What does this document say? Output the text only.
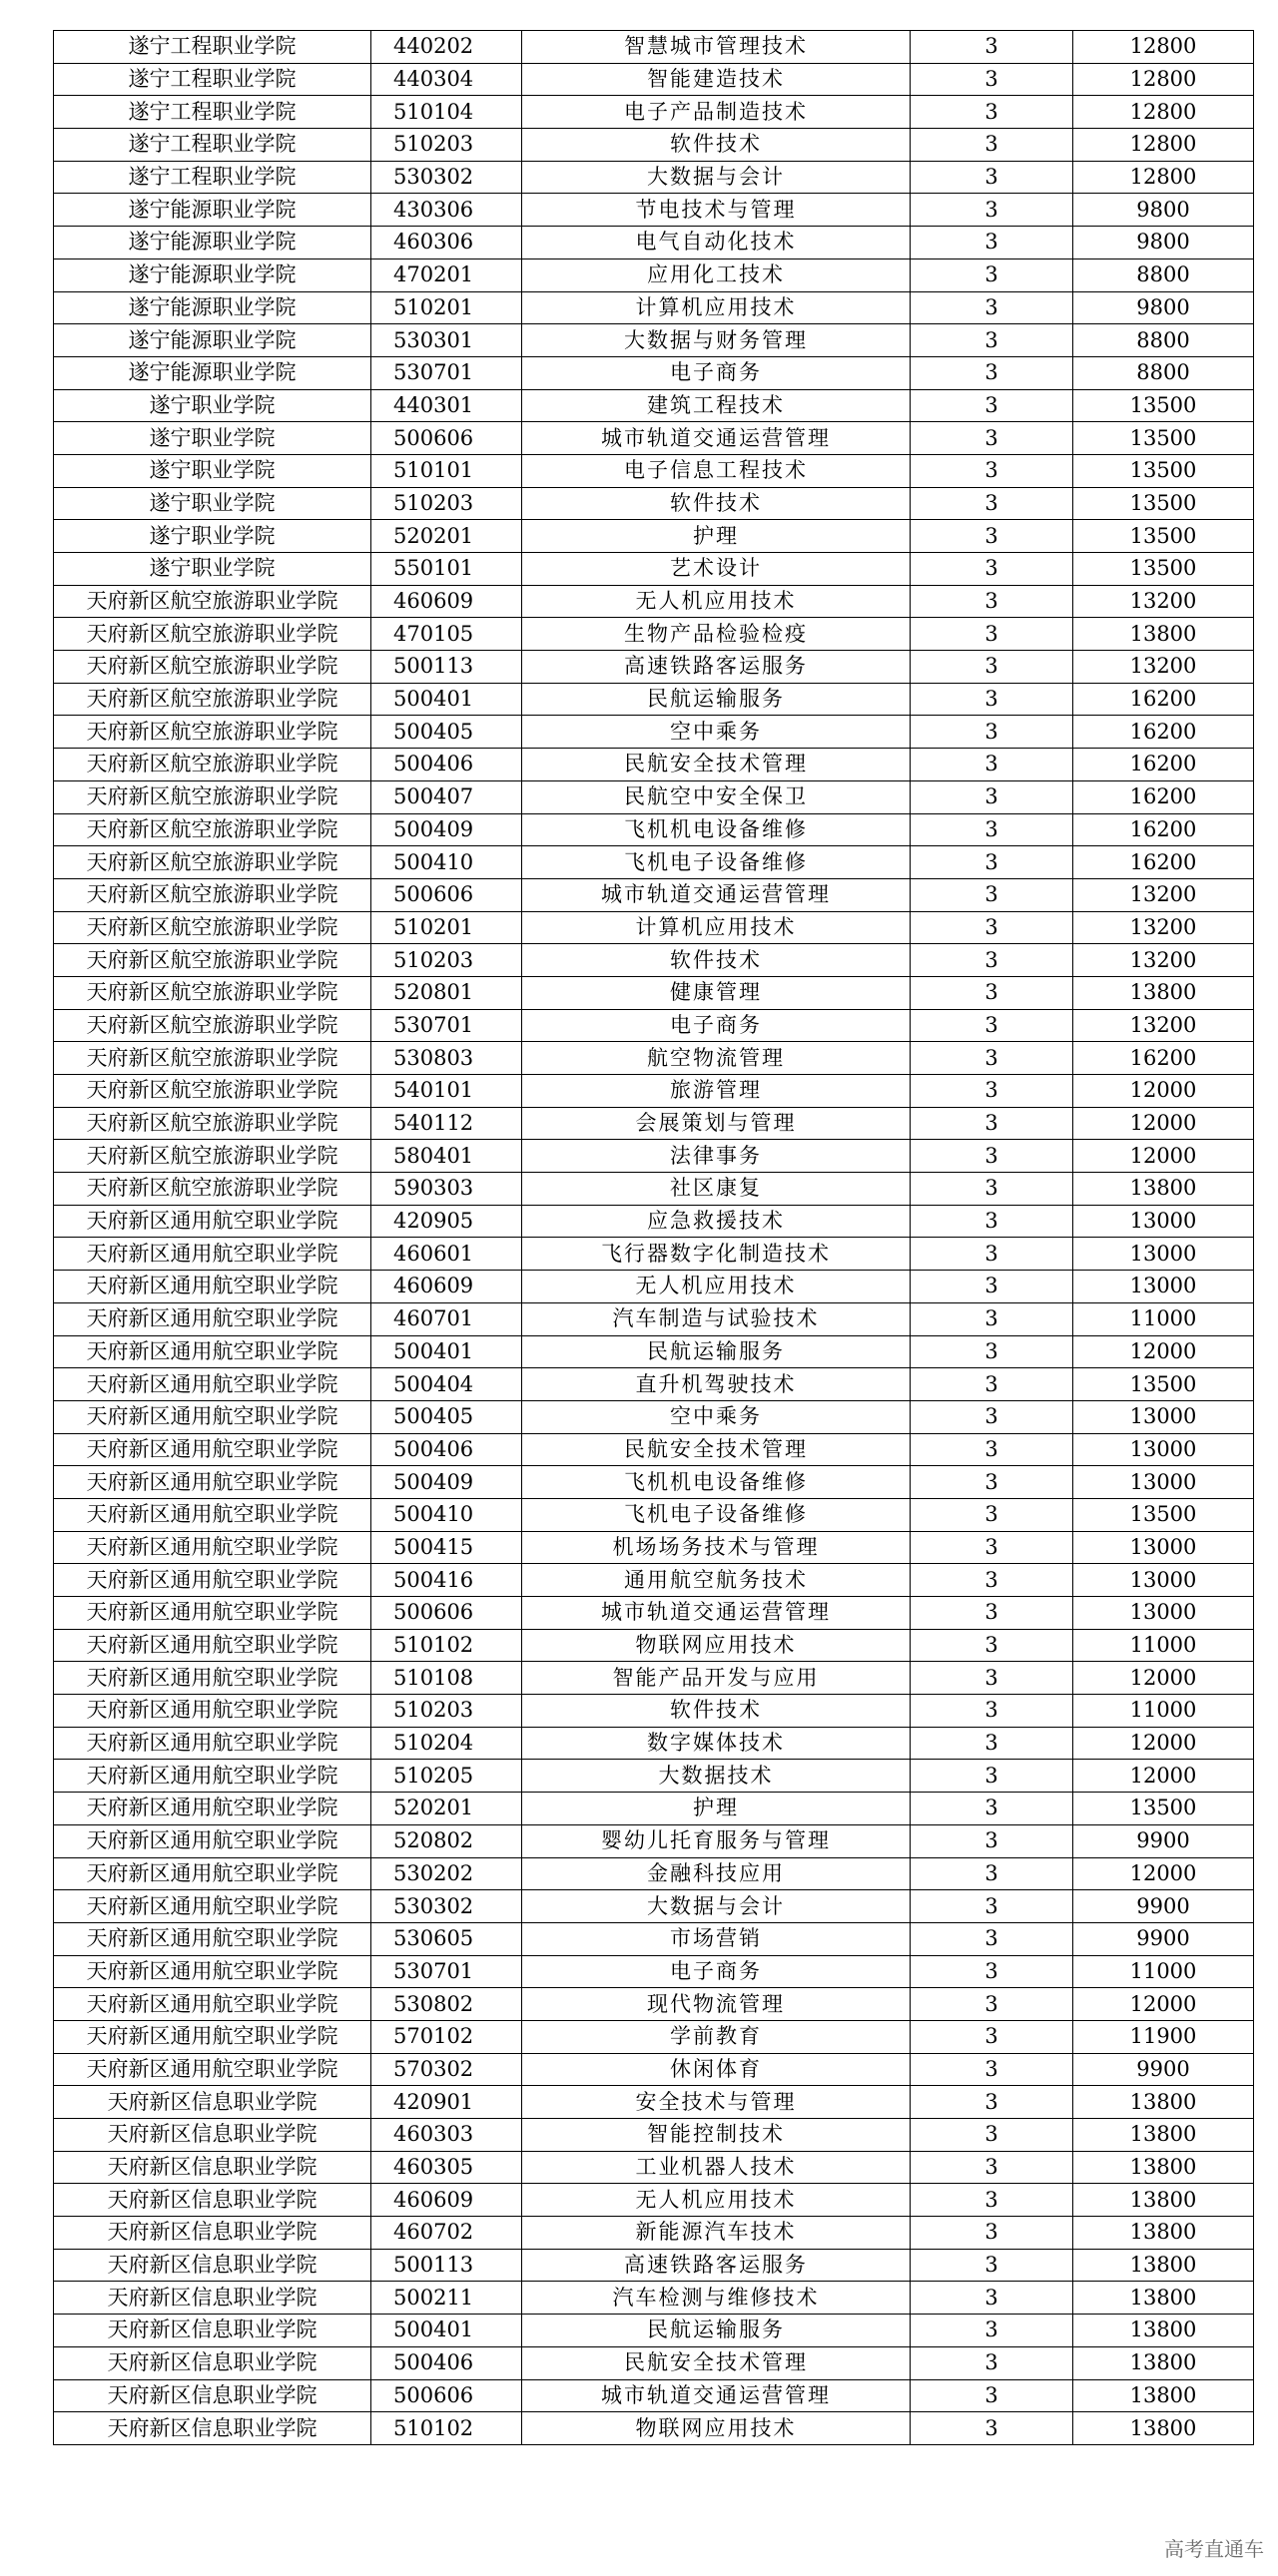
遂宁工程职业学院	440202	智慧城市管理技术	3	12800
遂宁工程职业学院	440304	智能建造技术	3	12800
遂宁工程职业学院	510104	电子产品制造技术	3	12800
遂宁工程职业学院	510203	软件技术	3	12800
遂宁工程职业学院	530302	大数据与会计	3	12800
遂宁能源职业学院	430306	节电技术与管理	3	9800
遂宁能源职业学院	460306	电气自动化技术	3	9800
遂宁能源职业学院	470201	应用化工技术	3	8800
遂宁能源职业学院	510201	计算机应用技术	3	9800
遂宁能源职业学院	530301	大数据与财务管理	3	8800
遂宁能源职业学院	530701	电子商务	3	8800
遂宁职业学院	440301	建筑工程技术	3	13500
遂宁职业学院	500606	城市轨道交通运营管理	3	13500
遂宁职业学院	510101	电子信息工程技术	3	13500
遂宁职业学院	510203	软件技术	3	13500
遂宁职业学院	520201	护理	3	13500
遂宁职业学院	550101	艺术设计	3	13500
天府新区航空旅游职业学院	460609	无人机应用技术	3	13200
天府新区航空旅游职业学院	470105	生物产品检验检疫	3	13800
天府新区航空旅游职业学院	500113	高速铁路客运服务	3	13200
天府新区航空旅游职业学院	500401	民航运输服务	3	16200
天府新区航空旅游职业学院	500405	空中乘务	3	16200
天府新区航空旅游职业学院	500406	民航安全技术管理	3	16200
天府新区航空旅游职业学院	500407	民航空中安全保卫	3	16200
天府新区航空旅游职业学院	500409	飞机机电设备维修	3	16200
天府新区航空旅游职业学院	500410	飞机电子设备维修	3	16200
天府新区航空旅游职业学院	500606	城市轨道交通运营管理	3	13200
天府新区航空旅游职业学院	510201	计算机应用技术	3	13200
天府新区航空旅游职业学院	510203	软件技术	3	13200
天府新区航空旅游职业学院	520801	健康管理	3	13800
天府新区航空旅游职业学院	530701	电子商务	3	13200
天府新区航空旅游职业学院	530803	航空物流管理	3	16200
天府新区航空旅游职业学院	540101	旅游管理	3	12000
天府新区航空旅游职业学院	540112	会展策划与管理	3	12000
天府新区航空旅游职业学院	580401	法律事务	3	12000
天府新区航空旅游职业学院	590303	社区康复	3	13800
天府新区通用航空职业学院	420905	应急救援技术	3	13000
天府新区通用航空职业学院	460601	飞行器数字化制造技术	3	13000
天府新区通用航空职业学院	460609	无人机应用技术	3	13000
天府新区通用航空职业学院	460701	汽车制造与试验技术	3	11000
天府新区通用航空职业学院	500401	民航运输服务	3	12000
天府新区通用航空职业学院	500404	直升机驾驶技术	3	13500
天府新区通用航空职业学院	500405	空中乘务	3	13000
天府新区通用航空职业学院	500406	民航安全技术管理	3	13000
天府新区通用航空职业学院	500409	飞机机电设备维修	3	13000
天府新区通用航空职业学院	500410	飞机电子设备维修	3	13500
天府新区通用航空职业学院	500415	机场场务技术与管理	3	13000
天府新区通用航空职业学院	500416	通用航空航务技术	3	13000
天府新区通用航空职业学院	500606	城市轨道交通运营管理	3	13000
天府新区通用航空职业学院	510102	物联网应用技术	3	11000
天府新区通用航空职业学院	510108	智能产品开发与应用	3	12000
天府新区通用航空职业学院	510203	软件技术	3	11000
天府新区通用航空职业学院	510204	数字媒体技术	3	12000
天府新区通用航空职业学院	510205	大数据技术	3	12000
天府新区通用航空职业学院	520201	护理	3	13500
天府新区通用航空职业学院	520802	婴幼儿托育服务与管理	3	9900
天府新区通用航空职业学院	530202	金融科技应用	3	12000
天府新区通用航空职业学院	530302	大数据与会计	3	9900
天府新区通用航空职业学院	530605	市场营销	3	9900
天府新区通用航空职业学院	530701	电子商务	3	11000
天府新区通用航空职业学院	530802	现代物流管理	3	12000
天府新区通用航空职业学院	570102	学前教育	3	11900
天府新区通用航空职业学院	570302	休闲体育	3	9900
天府新区信息职业学院	420901	安全技术与管理	3	13800
天府新区信息职业学院	460303	智能控制技术	3	13800
天府新区信息职业学院	460305	工业机器人技术	3	13800
天府新区信息职业学院	460609	无人机应用技术	3	13800
天府新区信息职业学院	460702	新能源汽车技术	3	13800
天府新区信息职业学院	500113	高速铁路客运服务	3	13800
天府新区信息职业学院	500211	汽车检测与维修技术	3	13800
天府新区信息职业学院	500401	民航运输服务	3	13800
天府新区信息职业学院	500406	民航安全技术管理	3	13800
天府新区信息职业学院	500606	城市轨道交通运营管理	3	13800
天府新区信息职业学院	510102	物联网应用技术	3	13800
高考直通车
